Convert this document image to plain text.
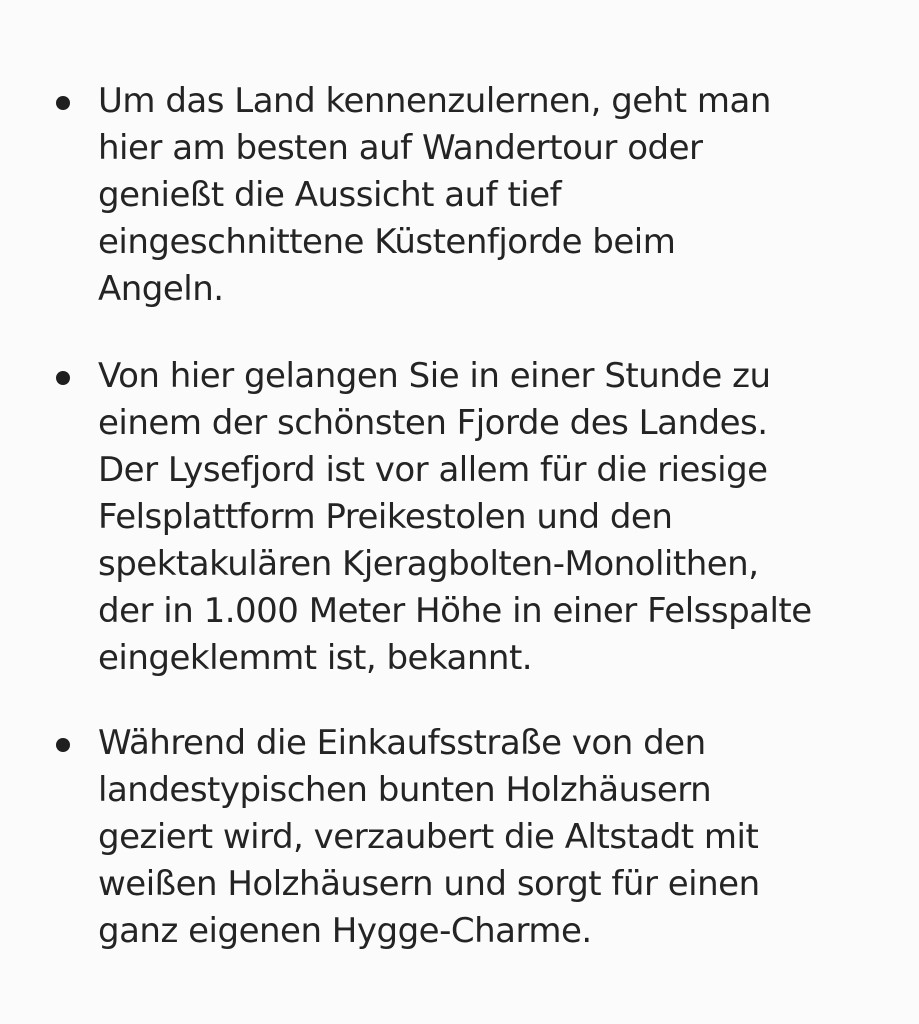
Um das Land kennenzulernen, geht man
hier am besten auf Wandertour oder
genießt die Aussicht auf tief
eingeschnittene Küstenfjorde beim
Angeln.
Von hier gelangen Sie in einer Stunde zu
einem der schönsten Fjorde des Landes.
Der Lysefjord ist vor allem für die riesige
Felsplattform Preikestolen und den
spektakulären Kjeragbolten-Monolithen,
der in 1.000 Meter Höhe in einer Felsspalte
eingeklemmt ist, bekannt.
Während die Einkaufsstraße von den
landestypischen bunten Holzhäusern
geziert wird, verzaubert die Altstadt mit
weißen Holzhäusern und sorgt für einen
ganz eigenen Hygge-Charme.
